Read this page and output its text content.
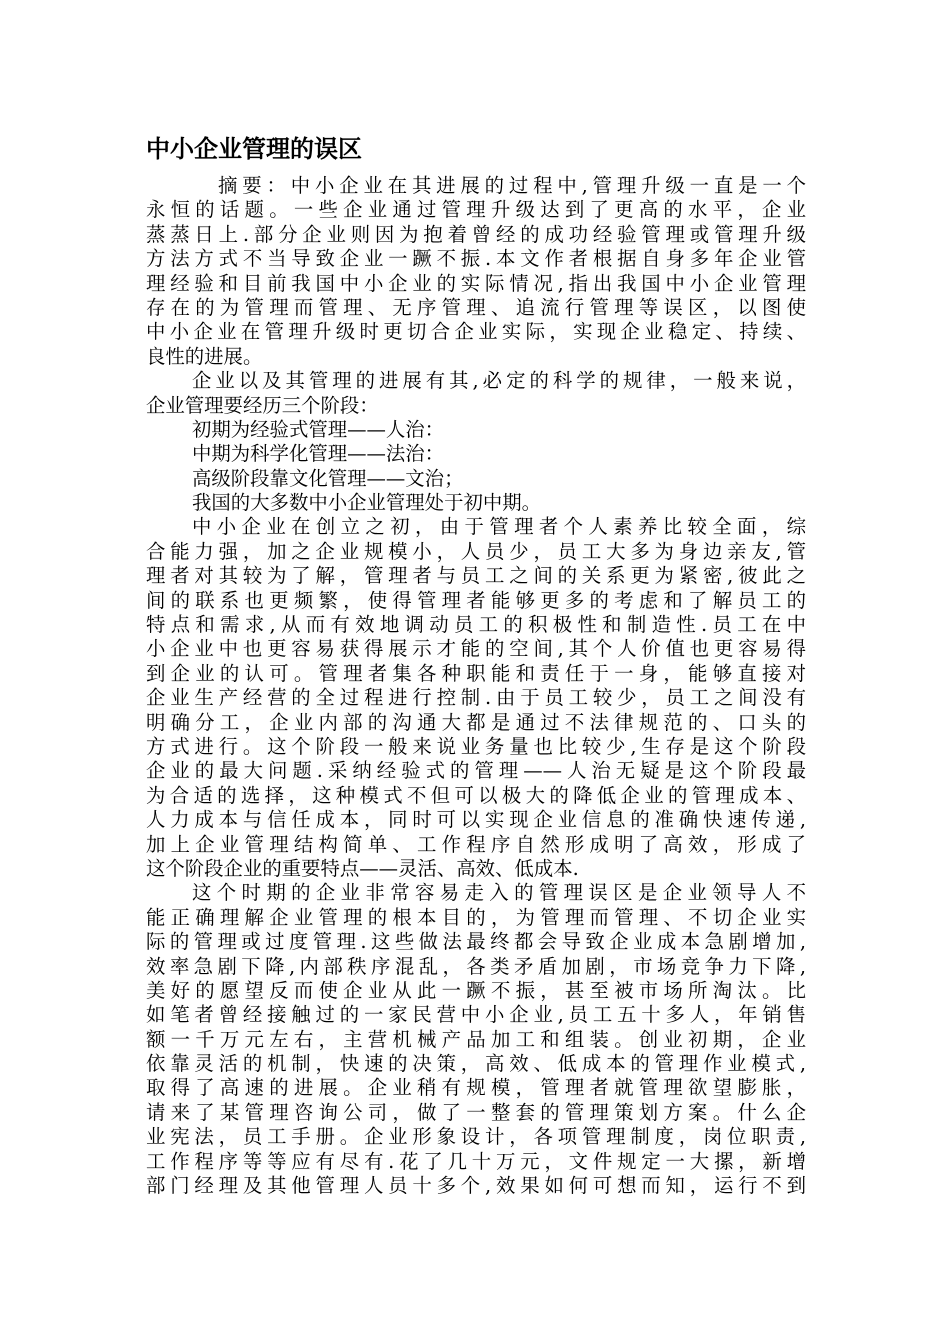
中小企业管理的误区
摘要：中小企业在其进展的过程中,管理升级一直是一个
永恒的话题。一些企业通过管理升级达到了更高的水平，企业
蒸蒸日上.部分企业则因为抱着曾经的成功经验管理或管理升级
方法方式不当导致企业一蹶不振.本文作者根据自身多年企业管
理经验和目前我国中小企业的实际情况,指出我国中小企业管理
存在的为管理而管理、无序管理、追流行管理等误区，以图使
中小企业在管理升级时更切合企业实际，实现企业稳定、持续、
良性的进展。
企业以及其管理的进展有其,必定的科学的规律，一般来说，
企业管理要经历三个阶段：
初期为经验式管理——人治：
中期为科学化管理——法治：
高级阶段靠文化管理——文治；
我国的大多数中小企业管理处于初中期。
中小企业在创立之初，由于管理者个人素养比较全面，综
合能力强，加之企业规模小，人员少，员工大多为身边亲友,管
理者对其较为了解，管理者与员工之间的关系更为紧密,彼此之
间的联系也更频繁，使得管理者能够更多的考虑和了解员工的
特点和需求,从而有效地调动员工的积极性和制造性.员工在中
小企业中也更容易获得展示才能的空间,其个人价值也更容易得
到企业的认可。管理者集各种职能和责任于一身，能够直接对
企业生产经营的全过程进行控制.由于员工较少，员工之间没有
明确分工，企业内部的沟通大都是通过不法律规范的、口头的
方式进行。这个阶段一般来说业务量也比较少,生存是这个阶段
企业的最大问题.采纳经验式的管理——人治无疑是这个阶段最
为合适的选择，这种模式不但可以极大的降低企业的管理成本、
人力成本与信任成本，同时可以实现企业信息的准确快速传递,
加上企业管理结构简单、工作程序自然形成明了高效，形成了
这个阶段企业的重要特点——灵活、高效、低成本.
这个时期的企业非常容易走入的管理误区是企业领导人不
能正确理解企业管理的根本目的，为管理而管理、不切企业实
际的管理或过度管理.这些做法最终都会导致企业成本急剧增加,
效率急剧下降,内部秩序混乱，各类矛盾加剧，市场竞争力下降,
美好的愿望反而使企业从此一蹶不振，甚至被市场所淘汰。比
如笔者曾经接触过的一家民营中小企业,员工五十多人，年销售
额一千万元左右，主营机械产品加工和组装。创业初期，企业
依靠灵活的机制，快速的决策，高效、低成本的管理作业模式,
取得了高速的进展。企业稍有规模，管理者就管理欲望膨胀，
请来了某管理咨询公司，做了一整套的管理策划方案。什么企
业宪法，员工手册。企业形象设计，各项管理制度，岗位职责,
工作程序等等应有尽有.花了几十万元，文件规定一大摞，新增
部门经理及其他管理人员十多个,效果如何可想而知，运行不到
